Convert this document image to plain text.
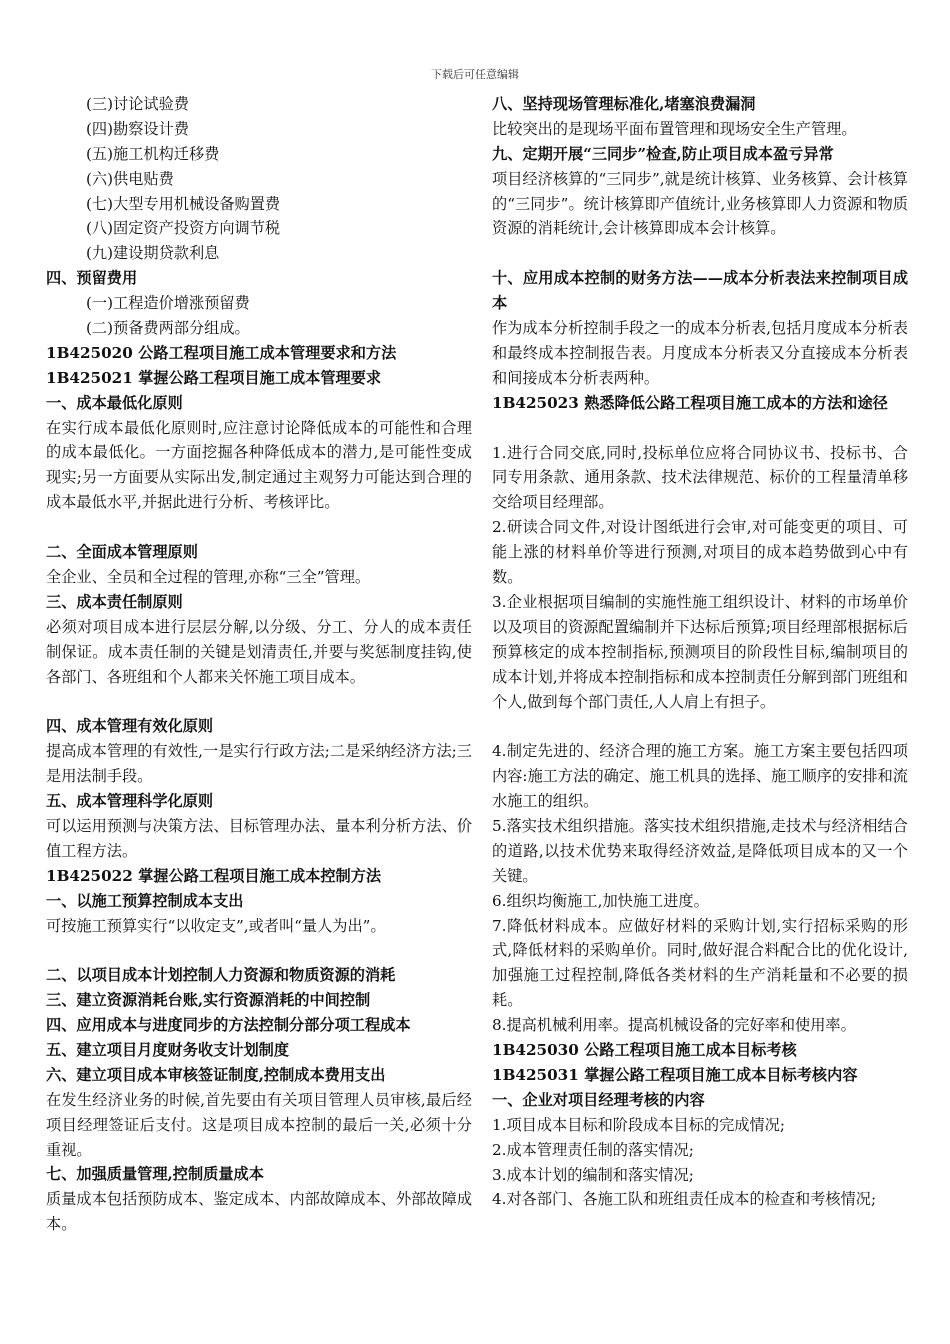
下载后可任意编辑
(三)讨论试验费
(四)勘察设计费
(五)施工机构迁移费
(六)供电贴费
(七)大型专用机械设备购置费
(八)固定资产投资方向调节税
(九)建设期贷款利息
四、预留费用
(一)工程造价增涨预留费
(二)预备费两部分组成。
1B425020 公路工程项目施工成本管理要求和方法
1B425021 掌握公路工程项目施工成本管理要求
一、成本最低化原则
在实行成本最低化原则时,应注意讨论降低成本的可能性和合理的成本最低化。一方面挖掘各种降低成本的潜力,是可能性变成现实;另一方面要从实际出发,制定通过主观努力可能达到合理的成本最低水平,并据此进行分析、考核评比。
二、全面成本管理原则
全企业、全员和全过程的管理,亦称“三全”管理。
三、成本责任制原则
必须对项目成本进行层层分解,以分级、分工、分人的成本责任制保证。成本责任制的关键是划清责任,并要与奖惩制度挂钩,使各部门、各班组和个人都来关怀施工项目成本。
四、成本管理有效化原则
提高成本管理的有效性,一是实行行政方法;二是采纳经济方法;三是用法制手段。
五、成本管理科学化原则
可以运用预测与决策方法、目标管理办法、量本利分析方法、价值工程方法。
1B425022 掌握公路工程项目施工成本控制方法
一、以施工预算控制成本支出
可按施工预算实行“以收定支”,或者叫“量人为出”。
二、以项目成本计划控制人力资源和物质资源的消耗
三、建立资源消耗台账,实行资源消耗的中间控制
四、应用成本与进度同步的方法控制分部分项工程成本
五、建立项目月度财务收支计划制度
六、建立项目成本审核签证制度,控制成本费用支出
在发生经济业务的时候,首先要由有关项目管理人员审核,最后经项目经理签证后支付。这是项目成本控制的最后一关,必须十分重视。
七、加强质量管理,控制质量成本
质量成本包括预防成本、鉴定成本、内部故障成本、外部故障成本。
八、坚持现场管理标准化,堵塞浪费漏洞
比较突出的是现场平面布置管理和现场安全生产管理。
九、定期开展“三同步”检查,防止项目成本盈亏异常
项目经济核算的“三同步”,就是统计核算、业务核算、会计核算的“三同步”。统计核算即产值统计,业务核算即人力资源和物质资源的消耗统计,会计核算即成本会计核算。
十、应用成本控制的财务方法——成本分析表法来控制项目成本
作为成本分析控制手段之一的成本分析表,包括月度成本分析表和最终成本控制报告表。月度成本分析表又分直接成本分析表和间接成本分析表两种。
1B425023 熟悉降低公路工程项目施工成本的方法和途径
1.进行合同交底,同时,投标单位应将合同协议书、投标书、合同专用条款、通用条款、技术法律规范、标价的工程量清单移交给项目经理部。
2.研读合同文件,对设计图纸进行会审,对可能变更的项目、可能上涨的材料单价等进行预测,对项目的成本趋势做到心中有数。
3.企业根据项目编制的实施性施工组织设计、材料的市场单价以及项目的资源配置编制并下达标后预算;项目经理部根据标后预算核定的成本控制指标,预测项目的阶段性目标,编制项目的成本计划,并将成本控制指标和成本控制责任分解到部门班组和个人,做到每个部门责任,人人肩上有担子。
4.制定先进的、经济合理的施工方案。施工方案主要包括四项内容:施工方法的确定、施工机具的选择、施工顺序的安排和流水施工的组织。
5.落实技术组织措施。落实技术组织措施,走技术与经济相结合的道路,以技术优势来取得经济效益,是降低项目成本的又一个关键。
6.组织均衡施工,加快施工进度。
7.降低材料成本。应做好材料的采购计划,实行招标采购的形式,降低材料的采购单价。同时,做好混合料配合比的优化设计,加强施工过程控制,降低各类材料的生产消耗量和不必要的损耗。
8.提高机械利用率。提高机械设备的完好率和使用率。
1B425030 公路工程项目施工成本目标考核
1B425031 掌握公路工程项目施工成本目标考核内容
一、企业对项目经理考核的内容
1.项目成本目标和阶段成本目标的完成情况;
2.成本管理责任制的落实情况;
3.成本计划的编制和落实情况;
4.对各部门、各施工队和班组责任成本的检查和考核情况;
